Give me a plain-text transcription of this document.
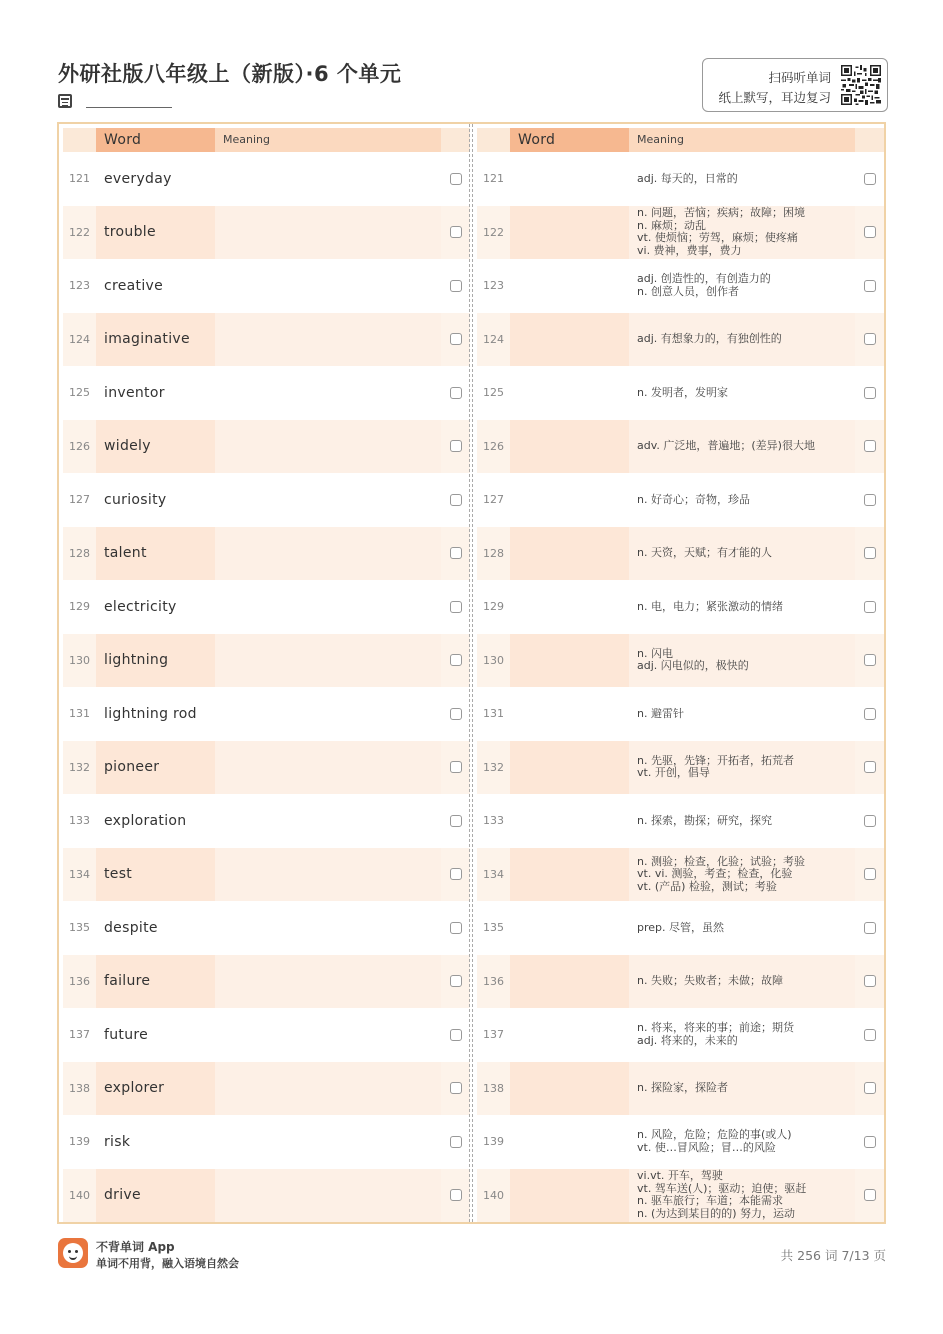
外研社版八年级上（新版）·6 个单元	扫码听单词
纸上默写，耳边复习
Word	Meaning
121	everyday
122	trouble
123	creative
124	imaginative
125	inventor
126	widely
127	curiosity
128	talent
129	electricity
130	lightning
131	lightning rod
132	pioneer
133	exploration
134	test
135	despite
136	failure
137	future
138	explorer
139	risk
140	drive
Word	Meaning
121	adj. 每天的，日常的
122
n. 问题，苦恼；疾病；故障；困境
n. 麻烦；动乱
vt. 使烦恼；劳驾，麻烦；使疼痛
vi. 费神，费事，费力
123
adj. 创造性的，有创造力的
n. 创意人员，创作者
124	adj. 有想象力的，有独创性的
125	n. 发明者，发明家
126	adv. 广泛地，普遍地；(差异)很大地
127	n. 好奇心；奇物，珍品
128	n. 天资，天赋；有才能的人
129	n. 电，电力；紧张激动的情绪
130
n. 闪电
adj. 闪电似的，极快的
131	n. 避雷针
132
n. 先驱，先锋；开拓者，拓荒者
vt. 开创，倡导
133	n. 探索，勘探；研究，探究
134
n. 测验；检查，化验；试验；考验
vt. vi. 测验，考查；检查，化验
vt. (产品) 检验，测试；考验
135	prep. 尽管，虽然
136	n. 失败；失败者；未做；故障
137
n. 将来，将来的事；前途；期货
adj. 将来的，未来的
138	n. 探险家，探险者
139
n. 风险，危险；危险的事(或人)
vt. 使…冒风险；冒…的风险
140
vi.vt. 开车，驾驶
vt. 驾车送(人)；驱动；迫使；驱赶
n. 驱车旅行；车道；本能需求
n. (为达到某目的的) 努力，运动
不背单词 App
单词不用背，融入语境自然会
共 256 词 7/13 页
